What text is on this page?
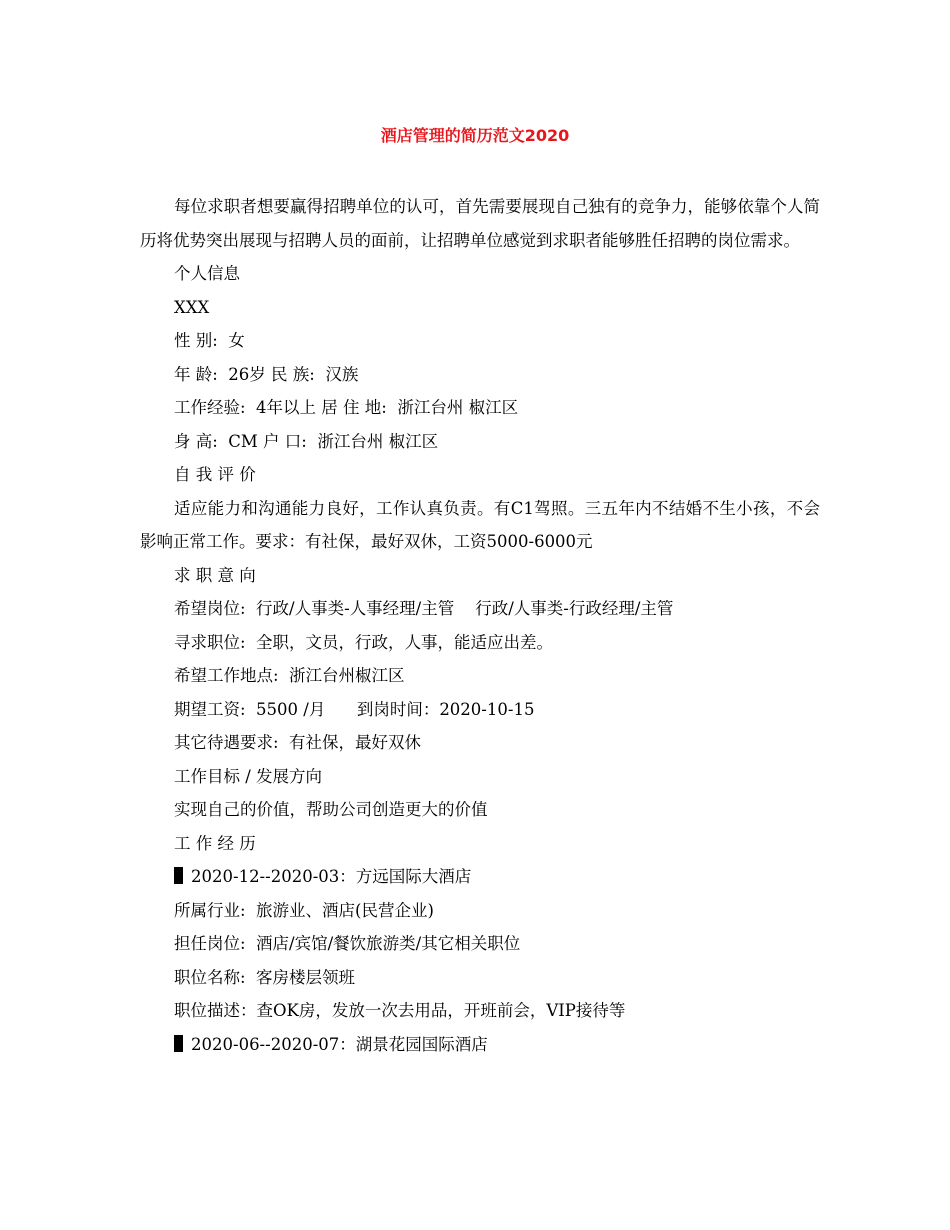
酒店管理的简历范文2020

每位求职者想要赢得招聘单位的认可，首先需要展现自己独有的竞争力，能够依靠个人简历将优势突出展现与招聘人员的面前，让招聘单位感觉到求职者能够胜任招聘的岗位需求。

个人信息

XXX

性 别:  女

年 龄:  26岁 民 族:  汉族

工作经验:  4年以上 居 住 地:  浙江台州 椒江区

身 高:  CM 户 口:  浙江台州 椒江区

自 我 评 价

适应能力和沟通能力良好，工作认真负责。有C1驾照。三五年内不结婚不生小孩，不会影响正常工作。要求：有社保，最好双休，工资5000-6000元

求 职 意 向

希望岗位:  行政/人事类-人事经理/主管    行政/人事类-行政经理/主管

寻求职位:  全职，文员，行政，人事，能适应出差。

希望工作地点:  浙江台州椒江区

期望工资:  5500 /月      到岗时间：2020-10-15

其它待遇要求:  有社保，最好双休

工作目标 / 发展方向

实现自己的价值，帮助公司创造更大的价值

工 作 经 历

2020-12--2020-03：方远国际大酒店

所属行业:  旅游业、酒店(民营企业)

担任岗位:  酒店/宾馆/餐饮旅游类/其它相关职位

职位名称:  客房楼层领班

职位描述：查OK房，发放一次去用品，开班前会，VIP接待等

2020-06--2020-07：湖景花园国际酒店
